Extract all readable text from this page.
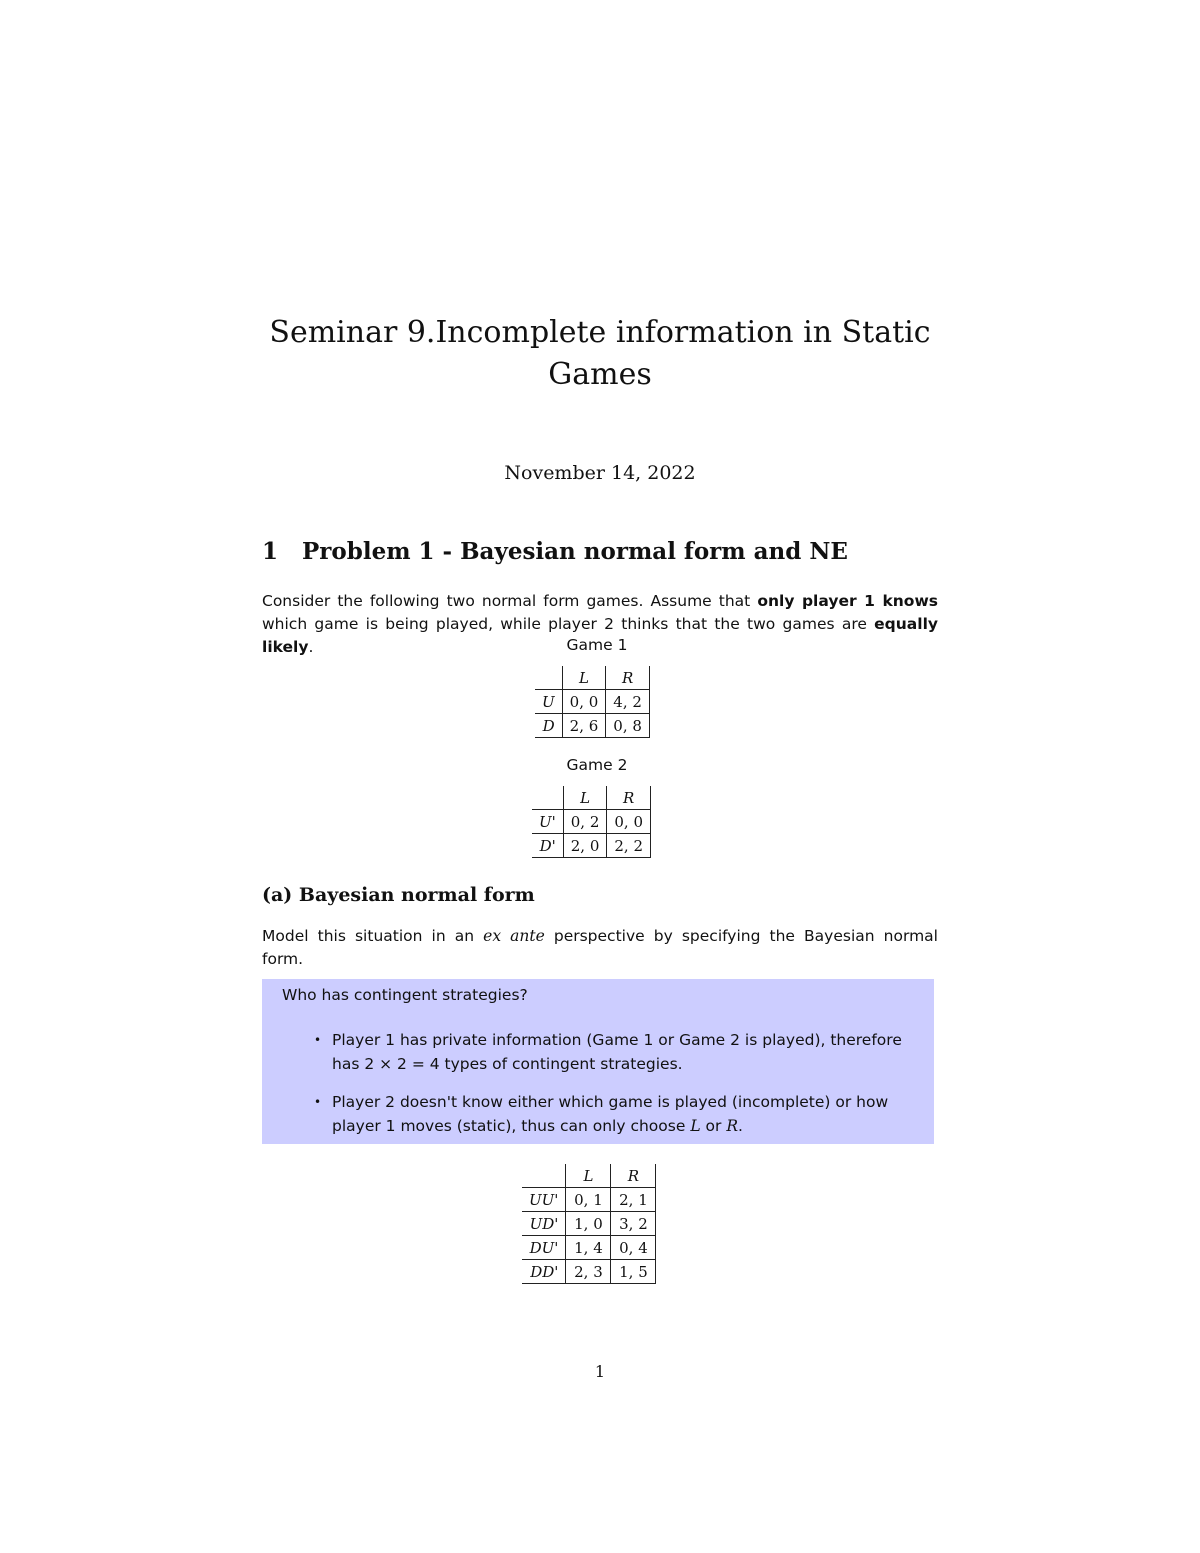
Seminar 9.Incomplete information in Static
Games
November 14, 2022
1 Problem 1 - Bayesian normal form and NE
Consider the following two normal form games. Assume that only player 1 knows
which game is being played, while player 2 thinks that the two games are equally
likely.	Game 1
	L	R
U	0, 0	4, 2
D	2, 6	0, 8
Game 2
	L	R
U'	0, 2	0, 0
D'	2, 0	2, 2
(a) Bayesian normal form
Model this situation in an ex ante perspective by specifying the Bayesian normal
form.
Who has contingent strategies?
• Player 1 has private information (Game 1 or Game 2 is played), therefore
has 2 × 2 = 4 types of contingent strategies.
• Player 2 doesn't know either which game is played (incomplete) or how
player 1 moves (static), thus can only choose L or R.
	L	R
UU'	0, 1	2, 1
UD'	1, 0	3, 2
DU'	1, 4	0, 4
DD'	2, 3	1, 5
1
